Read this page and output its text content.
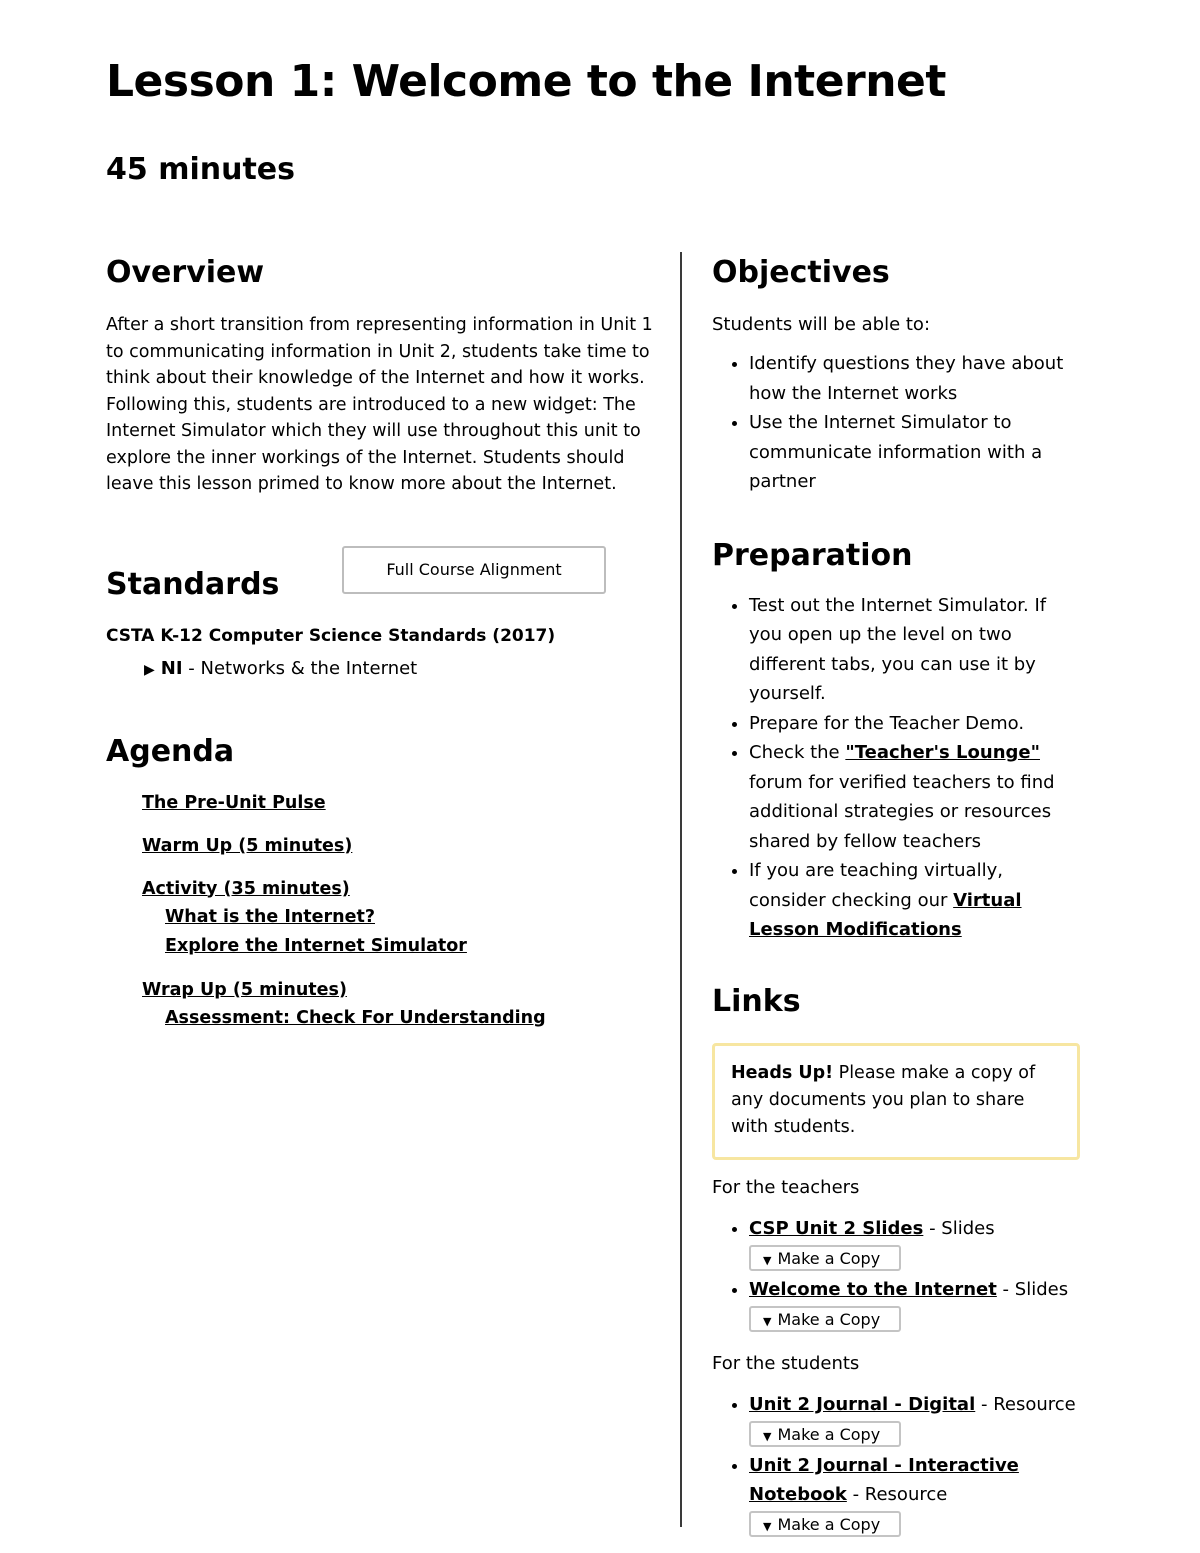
Lesson 1: Welcome to the Internet
45 minutes
Overview

After a short transition from representing information in Unit 1 to communicating information in Unit 2, students take time to think about their knowledge of the Internet and how it works. Following this, students are introduced to a new widget: The Internet Simulator which they will use throughout this unit to explore the inner workings of the Internet. Students should leave this lesson primed to know more about the Internet.

Standards	Full Course Alignment

CSTA K-12 Computer Science Standards (2017)

▶ NI - Networks & the Internet
Agenda
The Pre-Unit Pulse
Warm Up (5 minutes)
Activity (35 minutes)
What is the Internet?
Explore the Internet Simulator
Wrap Up (5 minutes)
Assessment: Check For Understanding
Objectives

Students will be able to:

• Identify questions they have about how the Internet works
• Use the Internet Simulator to communicate information with a partner
Preparation
• Test out the Internet Simulator. If you open up the level on two different tabs, you can use it by yourself.
• Prepare for the Teacher Demo.
• Check the "Teacher's Lounge" forum for verified teachers to find additional strategies or resources shared by fellow teachers
• If you are teaching virtually, consider checking our Virtual Lesson Modifications
Links
Heads Up! Please make a copy of any documents you plan to share with students.

For the teachers

• CSP Unit 2 Slides - Slides
▼ Make a Copy
• Welcome to the Internet - Slides
▼ Make a Copy

For the students

• Unit 2 Journal - Digital - Resource
▼ Make a Copy
• Unit 2 Journal - Interactive Notebook - Resource
▼ Make a Copy
